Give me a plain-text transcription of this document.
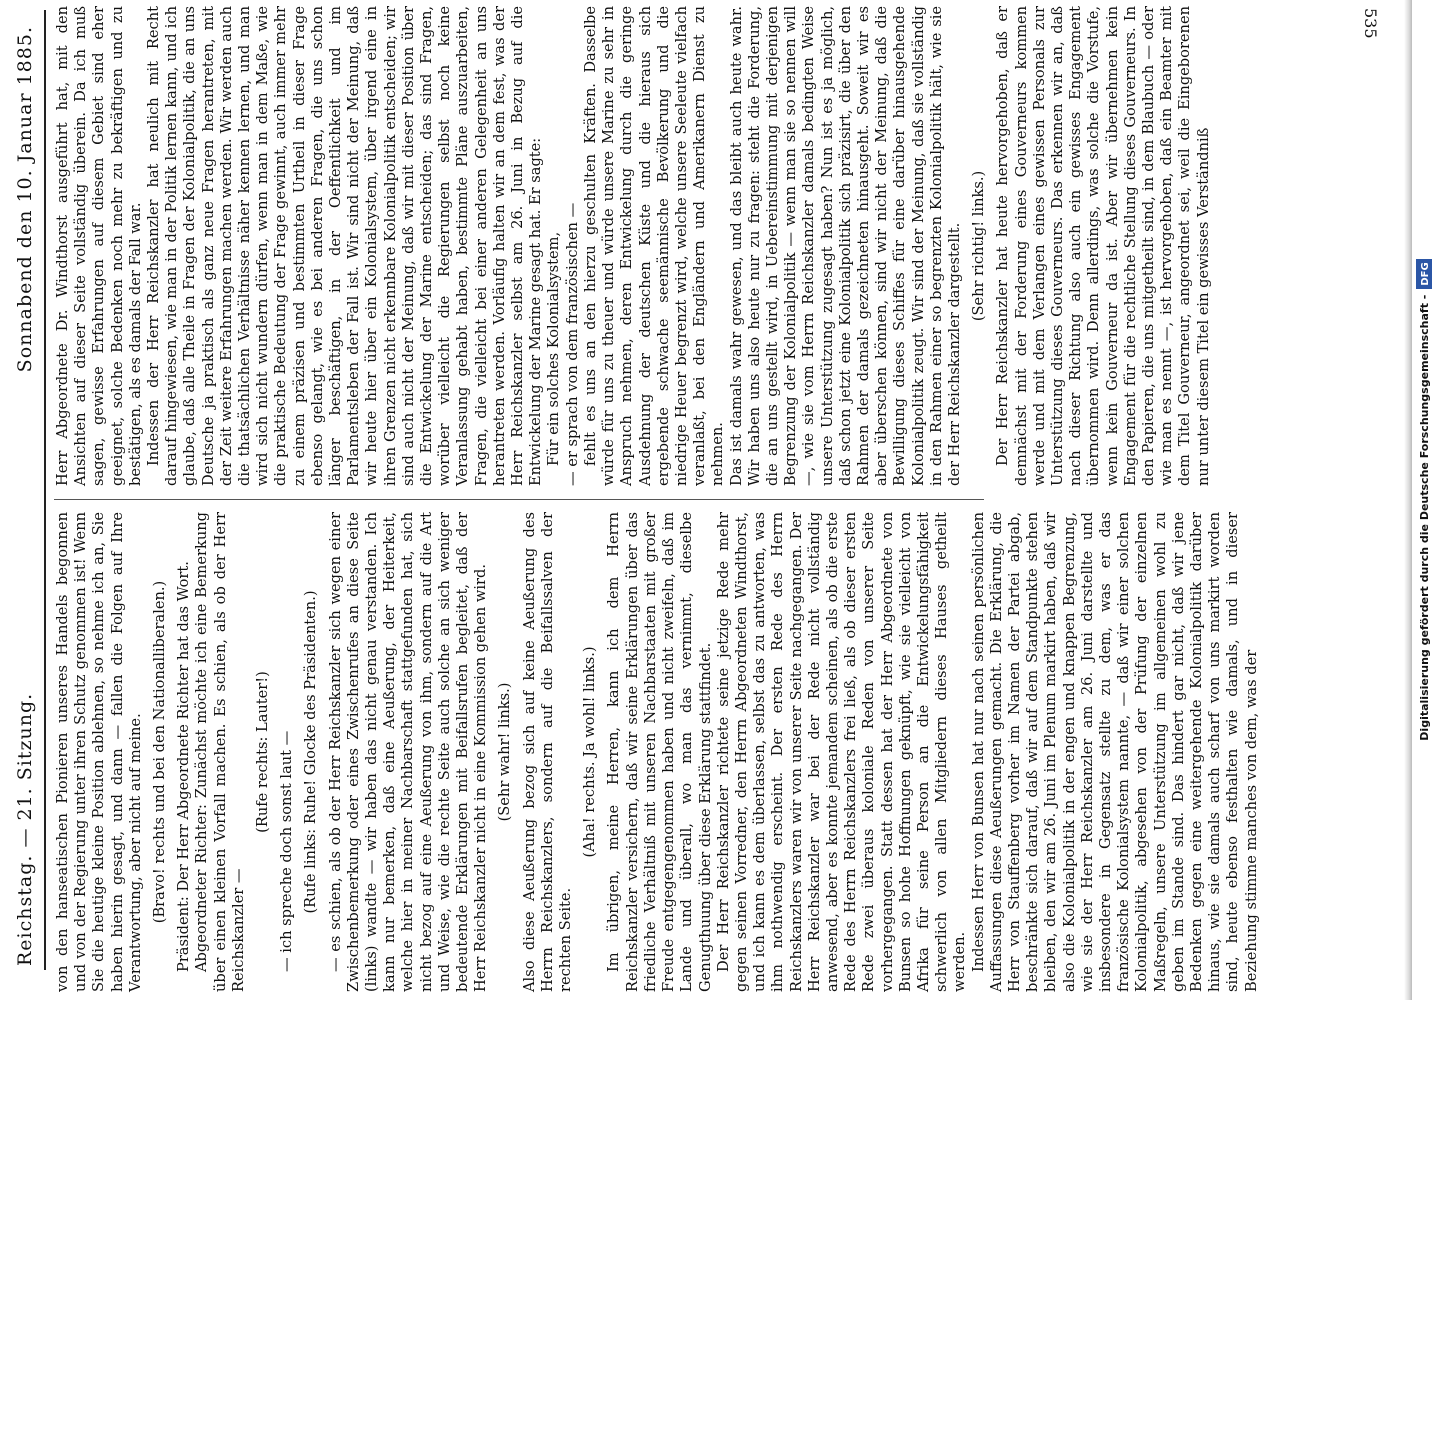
Reichstag. — 21. Sitzung.
Sonnabend den 10. Januar 1885.

von den hanseatischen Pionieren unseres Handels begonnen und von der Regierung unter ihren Schutz genommen ist! Wenn Sie die heutige kleine Position ablehnen, so nehme ich an, Sie haben hierin gesagt, und dann — fallen die Folgen auf Ihre Verantwortung, aber nicht auf meine. (Bravo! rechts und bei den Nationalliberalen.) Präsident: Der Herr Abgeordnete Richter hat das Wort. Abgeordneter Richter: Zunächst möchte ich eine Bemerkung über einen kleinen Vorfall machen. Es schien, als ob der Herr Reichskanzler —

(Rufe rechts: Lauter!) — ich spreche doch sonst laut — (Rufe links: Ruhe! Glocke des Präsidenten.) — es schien, als ob der Herr Reichskanzler sich wegen einer Zwischenbemerkung oder eines Zwischenrufes an diese Seite (links) wandte — wir haben das nicht genau verstanden. Ich kann nur bemerken, daß eine Aeußerung, der Heiterkeit, welche hier in meiner Nachbarschaft stattgefunden hat, sich nicht bezog auf eine Aeußerung von ihm, sondern auf die Art und Weise, wie die rechte Seite auch solche an sich weniger bedeutende Erklärungen mit Beifallsrufen begleitet, daß der Herr Reichskanzler nicht in eine Kommission gehen wird. (Sehr wahr! links.) Also diese Aeußerung bezog sich auf keine Aeußerung des Herrn Reichskanzlers, sondern auf die Beifallssalven der rechten Seite.

(Aha! rechts. Ja wohl! links.) Im übrigen, meine Herren, kann ich dem Herrn Reichskanzler versichern, daß wir seine Erklärungen über das friedliche Verhältniß mit unseren Nachbarstaaten mit großer Freude entgegengenommen haben und nicht zweifeln, daß im Lande und überall, wo man das vernimmt, dieselbe Genugthuung über diese Erklärung stattfindet. Der Herr Reichskanzler richtete seine jetzige Rede mehr gegen seinen Vorredner, den Herrn Abgeordneten Windthorst, und ich kann es dem überlassen, selbst das zu antworten, was ihm nothwendig erscheint. Der ersten Rede des Herrn Reichskanzlers waren wir von unserer Seite nachgegangen. Der Herr Reichskanzler war bei der Rede nicht vollständig anwesend, aber es konnte jemandem scheinen, als ob die erste Rede des Herrn Reichskanzlers frei ließ, als ob dieser ersten Rede zwei überaus koloniale Reden von unserer Seite vorhergegangen. Statt dessen hat der Herr Abgeordnete von Bunsen so hohe Hoffnungen geknüpft, wie sie vielleicht von Afrika für seine Person an die Entwickelungsfähigkeit schwerlich von allen Mitgliedern dieses Hauses getheilt werden. Indessen Herr von Bunsen hat nur nach seinen persönlichen Auffassungen diese Aeußerungen gemacht. Die Erklärung, die Herr von Stauffenberg vorher im Namen der Partei abgab, beschränkte sich darauf, daß wir auf dem Standpunkte stehen bleiben, den wir am 26. Juni im Plenum markirt haben, daß wir also die Kolonialpolitik in der engen und knappen Begrenzung, wie sie der Herr Reichskanzler am 26. Juni darstellte und insbesondere in Gegensatz stellte zu dem, was er das französische Kolonialsystem nannte, — daß wir einer solchen Kolonialpolitik, abgesehen von der Prüfung der einzelnen Maßregeln, unsere Unterstützung im allgemeinen wohl zu geben im Stande sind. Das hindert gar nicht, daß wir jene Bedenken gegen eine weitergehende Kolonialpolitik darüber hinaus, wie sie damals auch scharf von uns markirt worden sind, heute ebenso festhalten wie damals, und in dieser Beziehung stimme manches von dem, was der

Herr Abgeordnete Dr. Windthorst ausgeführt hat, mit den Ansichten auf dieser Seite vollständig überein. Da ich muß sagen, gewisse Erfahrungen auf diesem Gebiet sind eher geeignet, solche Bedenken noch mehr zu bekräftigen und zu bestätigen, als es damals der Fall war. Indessen der Herr Reichskanzler hat neulich mit Recht darauf hingewiesen, wie man in der Politik lernen kann, und ich glaube, daß alle Theile in Fragen der Kolonialpolitik, die an uns Deutsche ja praktisch als ganz neue Fragen herantreten, mit der Zeit weitere Erfahrungen machen werden. Wir werden auch die thatsächlichen Verhältnisse näher kennen lernen, und man wird sich nicht wundern dürfen, wenn man in dem Maße, wie die praktische Bedeutung der Frage gewinnt, auch immer mehr zu einem präzisen und bestimmten Urtheil in dieser Frage ebenso gelangt, wie es bei anderen Fragen, die uns schon länger beschäftigen, in der Oeffentlichkeit und im Parlamentsleben der Fall ist. Wir sind nicht der Meinung, daß wir heute hier über ein Kolonialsystem, über irgend eine in ihren Grenzen nicht erkennbare Kolonialpolitik entscheiden; wir sind auch nicht der Meinung, daß wir mit dieser Position über die Entwickelung der Marine entscheiden; das sind Fragen, worüber vielleicht die Regierungen selbst noch keine Veranlassung gehabt haben, bestimmte Pläne auszuarbeiten, Fragen, die vielleicht bei einer anderen Gelegenheit an uns herantreten werden. Vorläufig halten wir an dem fest, was der Herr Reichskanzler selbst am 26. Juni in Bezug auf die Entwickelung der Marine gesagt hat. Er sagte: Für ein solches Kolonialsystem, — er sprach von dem französischen — fehlt es uns an den hierzu geschulten Kräften. Dasselbe würde für uns zu theuer und würde unsere Marine zu sehr in Anspruch nehmen, deren Entwickelung durch die geringe Ausdehnung der deutschen Küste und die hieraus sich ergebende schwache seemännische Bevölkerung und die niedrige Heuer begrenzt wird, welche unsere Seeleute vielfach veranlaßt, bei den Engländern und Amerikanern Dienst zu nehmen. Das ist damals wahr gewesen, und das bleibt auch heute wahr. Wir haben uns also heute nur zu fragen: steht die Forderung, die an uns gestellt wird, in Uebereinstimmung mit derjenigen Begrenzung der Kolonialpolitik — wenn man sie so nennen will —, wie sie vom Herrn Reichskanzler damals bedingten Weise unsere Unterstützung zugesagt haben? Nun ist es ja möglich, daß schon jetzt eine Kolonialpolitik sich präzisirt, die über den Rahmen der damals gezeichneten hinausgeht. Soweit wir es aber überschen können, sind wir nicht der Meinung, daß die Bewilligung dieses Schiffes für eine darüber hinausgehende Kolonialpolitik zeugt. Wir sind der Meinung, daß sie vollständig in den Rahmen einer so begrenzten Kolonialpolitik hält, wie sie der Herr Reichskanzler dargestellt. (Sehr richtig! links.) Der Herr Reichskanzler hat heute hervorgehoben, daß er demnächst mit der Forderung eines Gouverneurs kommen werde und mit dem Verlangen eines gewissen Personals zur Unterstützung dieses Gouverneurs. Das erkennen wir an, daß nach dieser Richtung also auch ein gewisses Engagement übernommen wird. Denn allerdings, was solche die Vorstufe, wenn kein Gouverneur da ist. Aber wir übernehmen kein Engagement für die rechtliche Stellung dieses Gouverneurs. In den Papieren, die uns mitgetheilt sind, in dem Blaubuch — oder wie man es nennt —, ist hervorgehoben, daß ein Beamter mit dem Titel Gouverneur, angeordnet sei, weil die Eingeborenen nur unter diesem Titel ein gewisses Verständniß	Digitalisierung gefördert durch die Deutsche Forschungsgemeinschaft -DFG
535
